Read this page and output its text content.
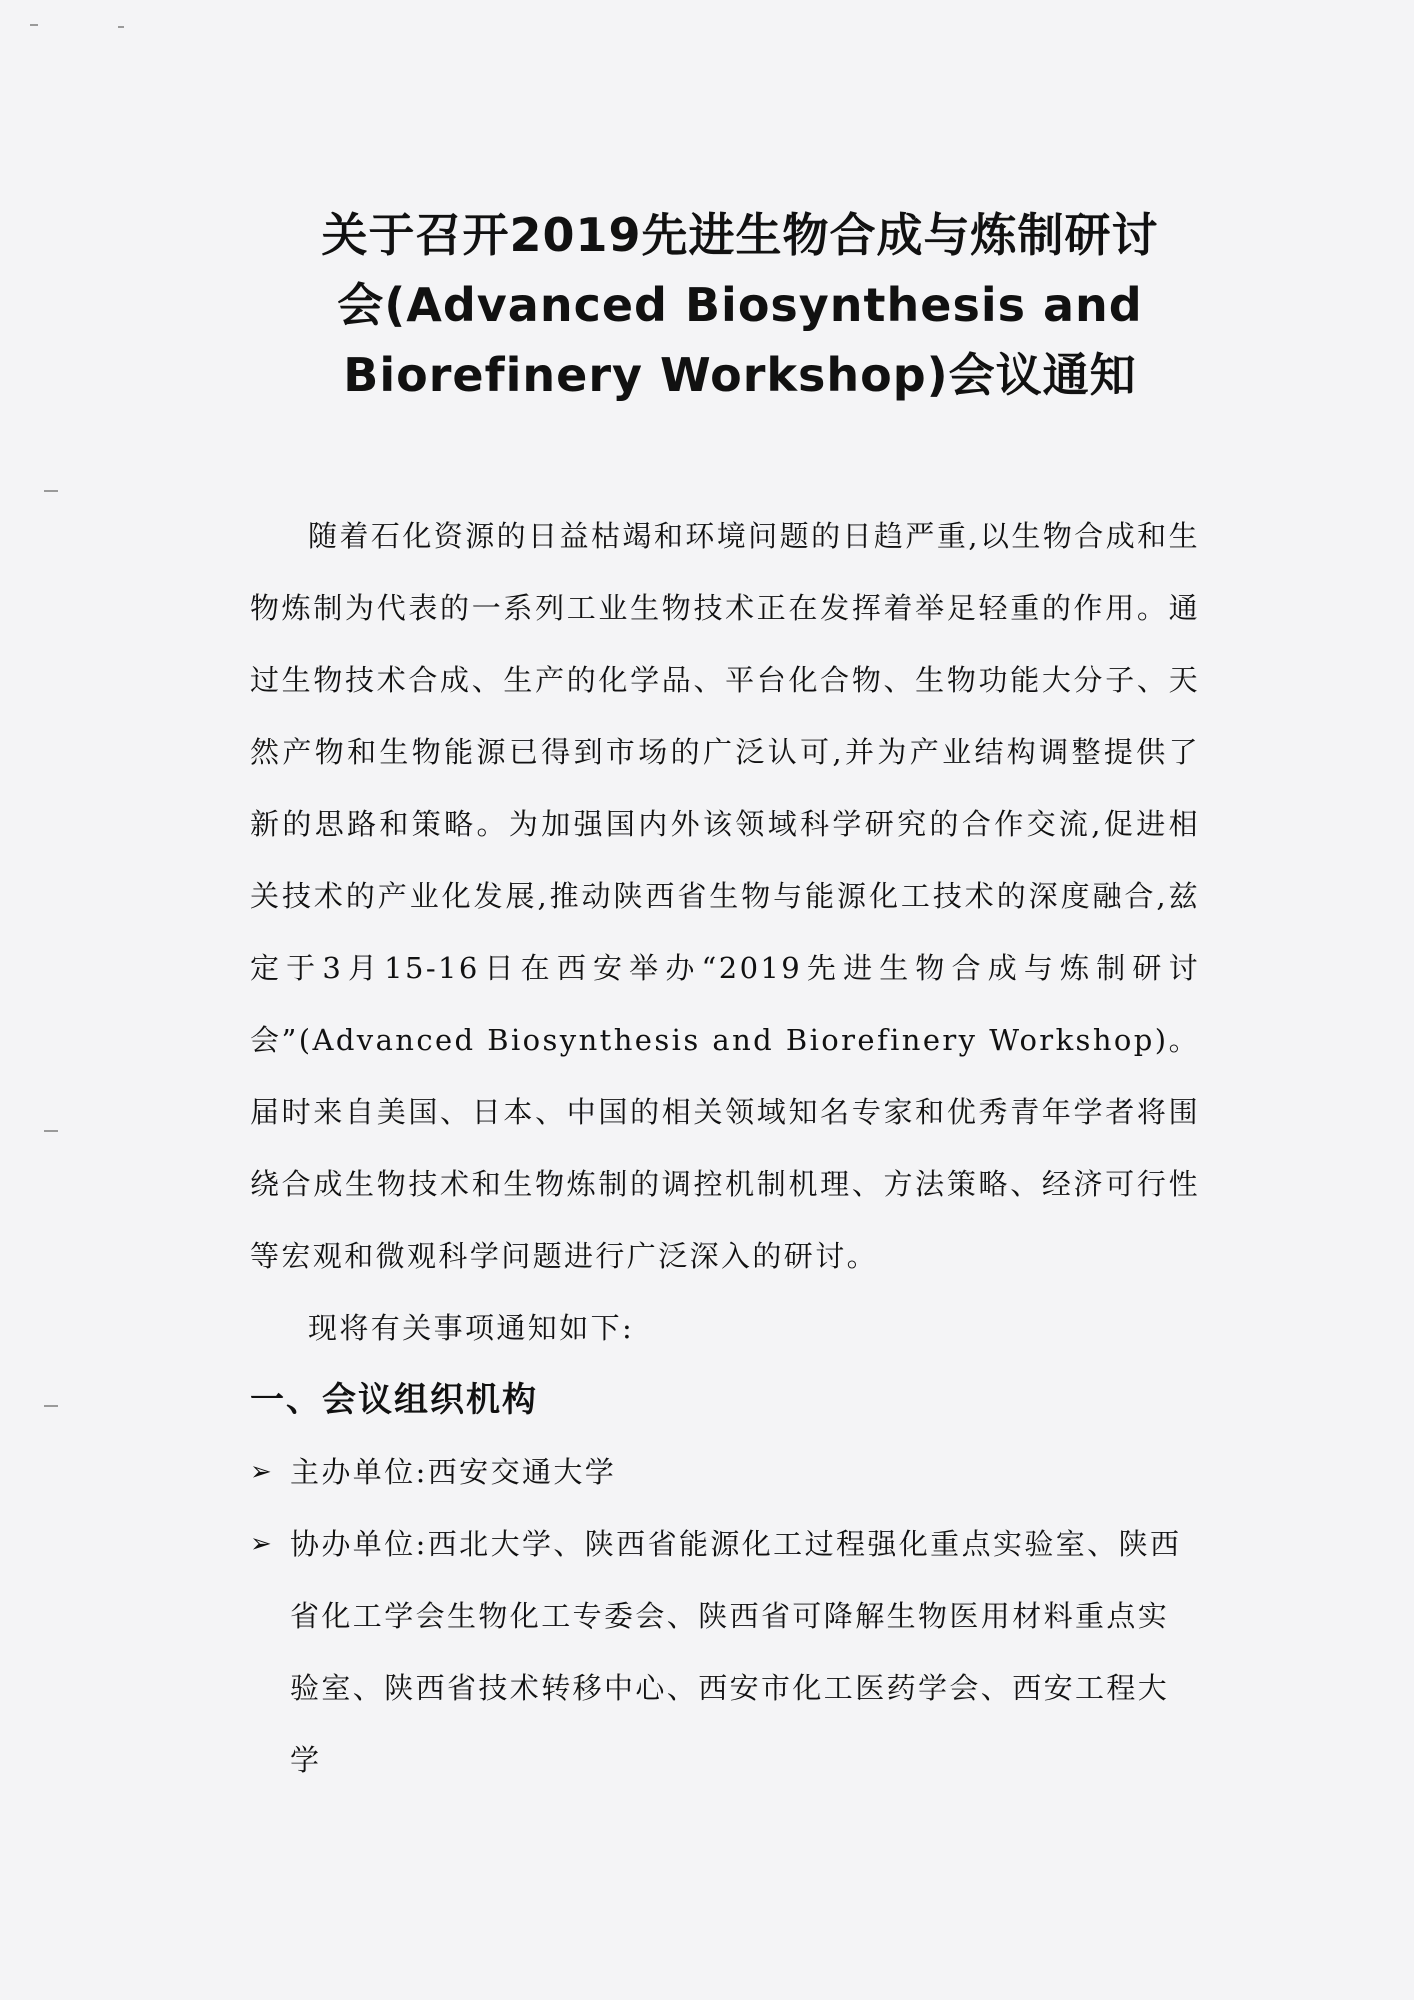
关于召开2019先进生物合成与炼制研讨
会(Advanced Biosynthesis and
Biorefinery Workshop)会议通知

随着石化资源的日益枯竭和环境问题的日趋严重,以生物合成和生物炼制为代表的一系列工业生物技术正在发挥着举足轻重的作用。通过生物技术合成、生产的化学品、平台化合物、生物功能大分子、天然产物和生物能源已得到市场的广泛认可,并为产业结构调整提供了新的思路和策略。为加强国内外该领域科学研究的合作交流,促进相关技术的产业化发展,推动陕西省生物与能源化工技术的深度融合,兹定于3月15-16日在西安举办“2019先进生物合成与炼制研讨会”(Advanced Biosynthesis and Biorefinery Workshop)。届时来自美国、日本、中国的相关领域知名专家和优秀青年学者将围绕合成生物技术和生物炼制的调控机制机理、方法策略、经济可行性等宏观和微观科学问题进行广泛深入的研讨。

现将有关事项通知如下:

一、会议组织机构

➢ 主办单位:西安交通大学
➢ 协办单位:西北大学、陕西省能源化工过程强化重点实验室、陕西省化工学会生物化工专委会、陕西省可降解生物医用材料重点实验室、陕西省技术转移中心、西安市化工医药学会、西安工程大学
